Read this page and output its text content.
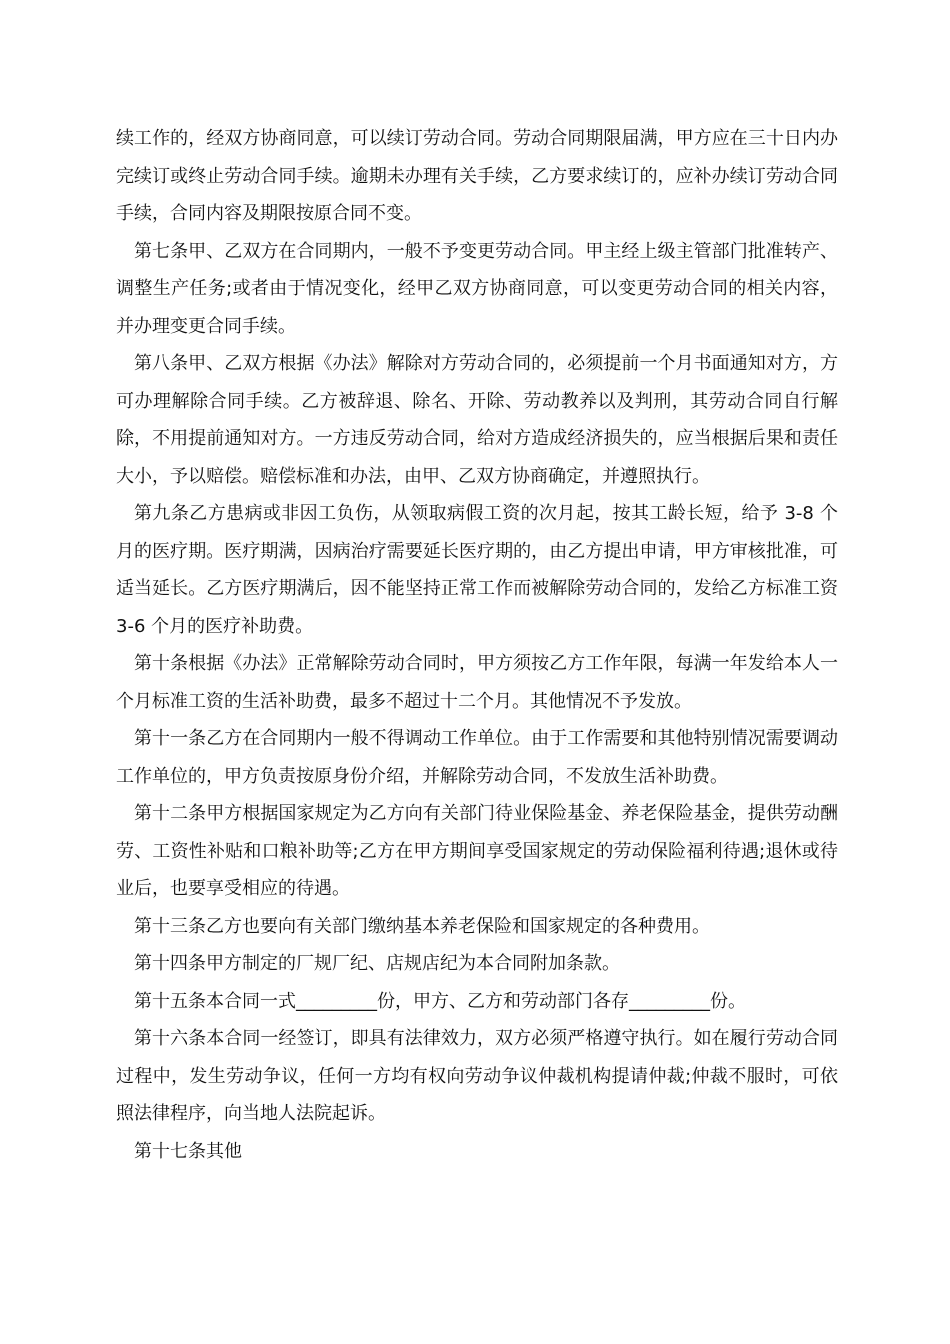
续工作的，经双方协商同意，可以续订劳动合同。劳动合同期限届满，甲方应在三十日内办完续订或终止劳动合同手续。逾期未办理有关手续，乙方要求续订的，应补办续订劳动合同手续，合同内容及期限按原合同不变。

第七条甲、乙双方在合同期内，一般不予变更劳动合同。甲主经上级主管部门批准转产、调整生产任务;或者由于情况变化，经甲乙双方协商同意，可以变更劳动合同的相关内容，并办理变更合同手续。

第八条甲、乙双方根据《办法》解除对方劳动合同的，必须提前一个月书面通知对方，方可办理解除合同手续。乙方被辞退、除名、开除、劳动教养以及判刑，其劳动合同自行解除，不用提前通知对方。一方违反劳动合同，给对方造成经济损失的，应当根据后果和责任大小，予以赔偿。赔偿标准和办法，由甲、乙双方协商确定，并遵照执行。

第九条乙方患病或非因工负伤，从领取病假工资的次月起，按其工龄长短，给予 3-8 个月的医疗期。医疗期满，因病治疗需要延长医疗期的，由乙方提出申请，甲方审核批准，可适当延长。乙方医疗期满后，因不能坚持正常工作而被解除劳动合同的，发给乙方标准工资 3-6 个月的医疗补助费。

第十条根据《办法》正常解除劳动合同时，甲方须按乙方工作年限，每满一年发给本人一个月标准工资的生活补助费，最多不超过十二个月。其他情况不予发放。

第十一条乙方在合同期内一般不得调动工作单位。由于工作需要和其他特别情况需要调动工作单位的，甲方负责按原身份介绍，并解除劳动合同，不发放生活补助费。

第十二条甲方根据国家规定为乙方向有关部门待业保险基金、养老保险基金，提供劳动酬劳、工资性补贴和口粮补助等;乙方在甲方期间享受国家规定的劳动保险福利待遇;退休或待业后，也要享受相应的待遇。

第十三条乙方也要向有关部门缴纳基本养老保险和国家规定的各种费用。

第十四条甲方制定的厂规厂纪、店规店纪为本合同附加条款。

第十五条本合同一式_________份，甲方、乙方和劳动部门各存_________份。

第十六条本合同一经签订，即具有法律效力，双方必须严格遵守执行。如在履行劳动合同过程中，发生劳动争议，任何一方均有权向劳动争议仲裁机构提请仲裁;仲裁不服时，可依照法律程序，向当地人法院起诉。

第十七条其他
